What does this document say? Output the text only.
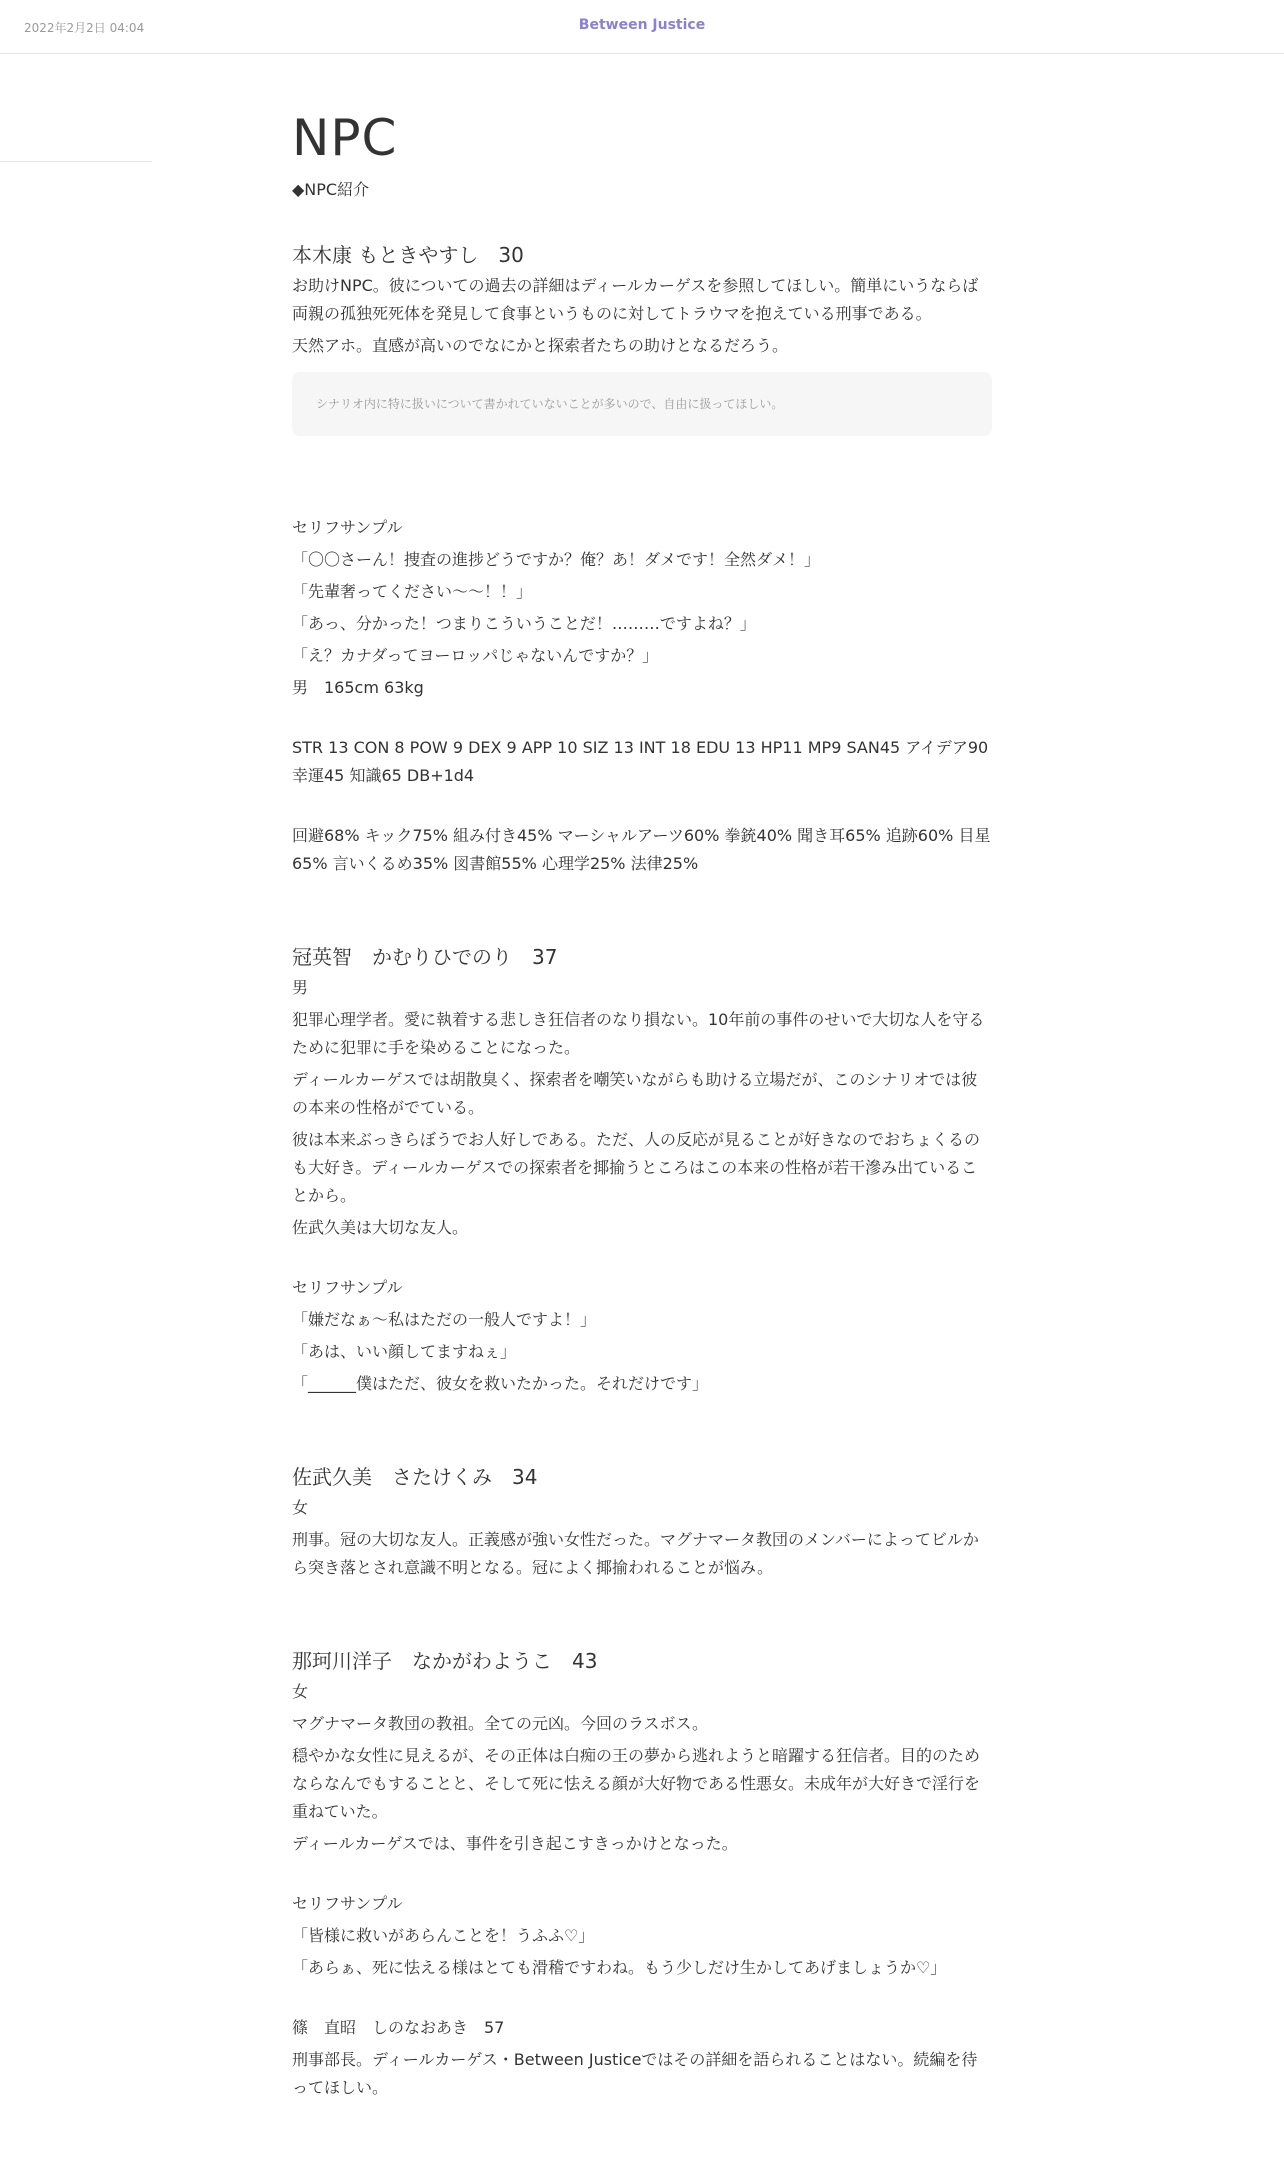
2022年2月2日 04:04	Between Justice
NPC

◆NPC紹介

本木康 もときやすし　30

お助けNPC。彼についての過去の詳細はディールカーゲスを参照してほしい。簡単にいうならば両親の孤独死死体を発見して食事というものに対してトラウマを抱えている刑事である。

天然アホ。直感が高いのでなにかと探索者たちの助けとなるだろう。

シナリオ内に特に扱いについて書かれていないことが多いので、自由に扱ってほしい。

セリフサンプル

「〇〇さーん！捜査の進捗どうですか？俺？あ！ダメです！全然ダメ！」

「先輩奢ってください〜〜！！」

「あっ、分かった！つまりこういうことだ！………ですよね？」

「え？カナダってヨーロッパじゃないんですか？」

男　165cm 63kg

STR 13 CON 8 POW 9 DEX 9 APP 10 SIZ 13 INT 18 EDU 13 HP11 MP9 SAN45 アイデア90 幸運45 知識65 DB+1d4

回避68% キック75% 組み付き45% マーシャルアーツ60% 拳銃40% 聞き耳65% 追跡60% 目星65% 言いくるめ35% 図書館55% 心理学25% 法律25%

冠英智　かむりひでのり　37

男

犯罪心理学者。愛に執着する悲しき狂信者のなり損ない。10年前の事件のせいで大切な人を守るために犯罪に手を染めることになった。

ディールカーゲスでは胡散臭く、探索者を嘲笑いながらも助ける立場だが、このシナリオでは彼の本来の性格がでている。

彼は本来ぶっきらぼうでお人好しである。ただ、人の反応が見ることが好きなのでおちょくるのも大好き。ディールカーゲスでの探索者を揶揄うところはこの本来の性格が若干滲み出ていることから。

佐武久美は大切な友人。

セリフサンプル

「嫌だなぁ〜私はただの一般人ですよ！」

「あは、いい顔してますねぇ」

「______僕はただ、彼女を救いたかった。それだけです」

佐武久美　さたけくみ　34

女

刑事。冠の大切な友人。正義感が強い女性だった。マグナマータ教団のメンバーによってビルから突き落とされ意識不明となる。冠によく揶揄われることが悩み。

那珂川洋子　なかがわようこ　43

女

マグナマータ教団の教祖。全ての元凶。今回のラスボス。

穏やかな女性に見えるが、その正体は白痴の王の夢から逃れようと暗躍する狂信者。目的のためならなんでもすることと、そして死に怯える顔が大好物である性悪女。未成年が大好きで淫行を重ねていた。

ディールカーゲスでは、事件を引き起こすきっかけとなった。

セリフサンプル

「皆様に救いがあらんことを！うふふ♡」

「あらぁ、死に怯える様はとても滑稽ですわね。もう少しだけ生かしてあげましょうか♡」

篠　直昭　しのなおあき　57

刑事部長。ディールカーゲス・Between Justiceではその詳細を語られることはない。続編を待ってほしい。
